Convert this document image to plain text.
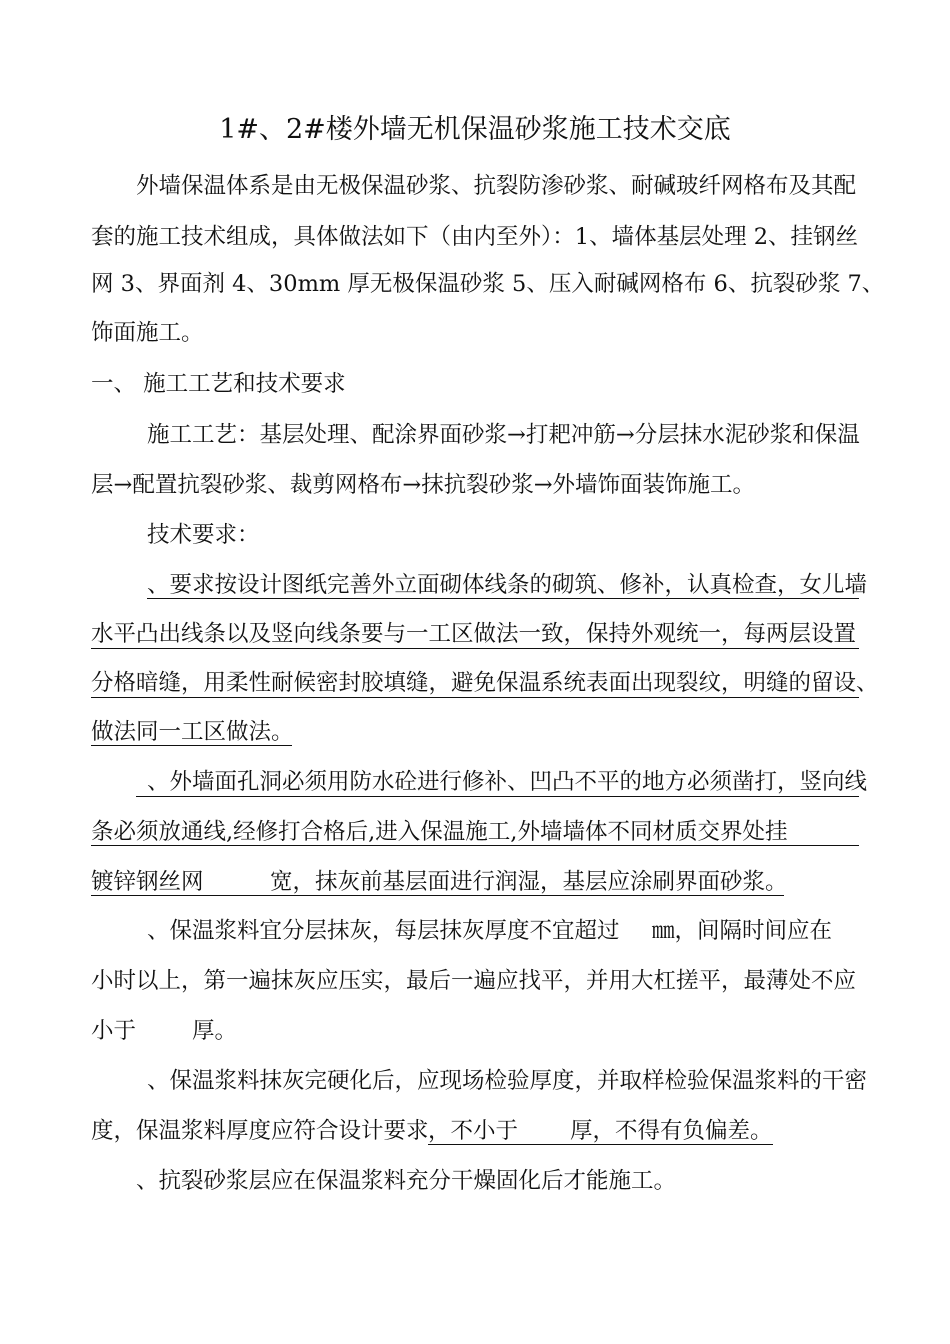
1#、2#楼外墙无机保温砂浆施工技术交底
外墙保温体系是由无极保温砂浆、抗裂防渗砂浆、耐碱玻纤网格布及其配
套的施工技术组成，具体做法如下（由内至外）：1、墙体基层处理 2、挂钢丝
网 3、界面剂 4、30mm 厚无极保温砂浆 5、压入耐碱网格布 6、抗裂砂浆 7、
饰面施工。
一、 施工工艺和技术要求
施工工艺：基层处理、配涂界面砂浆→打耙冲筋→分层抹水泥砂浆和保温
层→配置抗裂砂浆、裁剪网格布→抹抗裂砂浆→外墙饰面装饰施工。
技术要求：
、要求按设计图纸完善外立面砌体线条的砌筑、修补，认真检查，女儿墙
水平凸出线条以及竖向线条要与一工区做法一致，保持外观统一，每两层设置
分格暗缝，用柔性耐候密封胶填缝，避免保温系统表面出现裂纹，明缝的留设、
做法同一工区做法。
、外墙面孔洞必须用防水砼进行修补、凹凸不平的地方必须凿打，竖向线
条必须放通线,经修打合格后,进入保温施工,外墙墙体不同材质交界处挂
镀锌钢丝网	宽，抹灰前基层面进行润湿，基层应涂刷界面砂浆。
、保温浆料宜分层抹灰，每层抹灰厚度不宜超过 ㎜，间隔时间应在
小时以上，第一遍抹灰应压实，最后一遍应找平，并用大杠搓平，最薄处不应
小于 厚。
、保温浆料抹灰完硬化后，应现场检验厚度，并取样检验保温浆料的干密
度，保温浆料厚度应符合设计要求 ，不小于 厚，不得有负偏差。
、抗裂砂浆层应在保温浆料充分干燥固化后才能施工。
